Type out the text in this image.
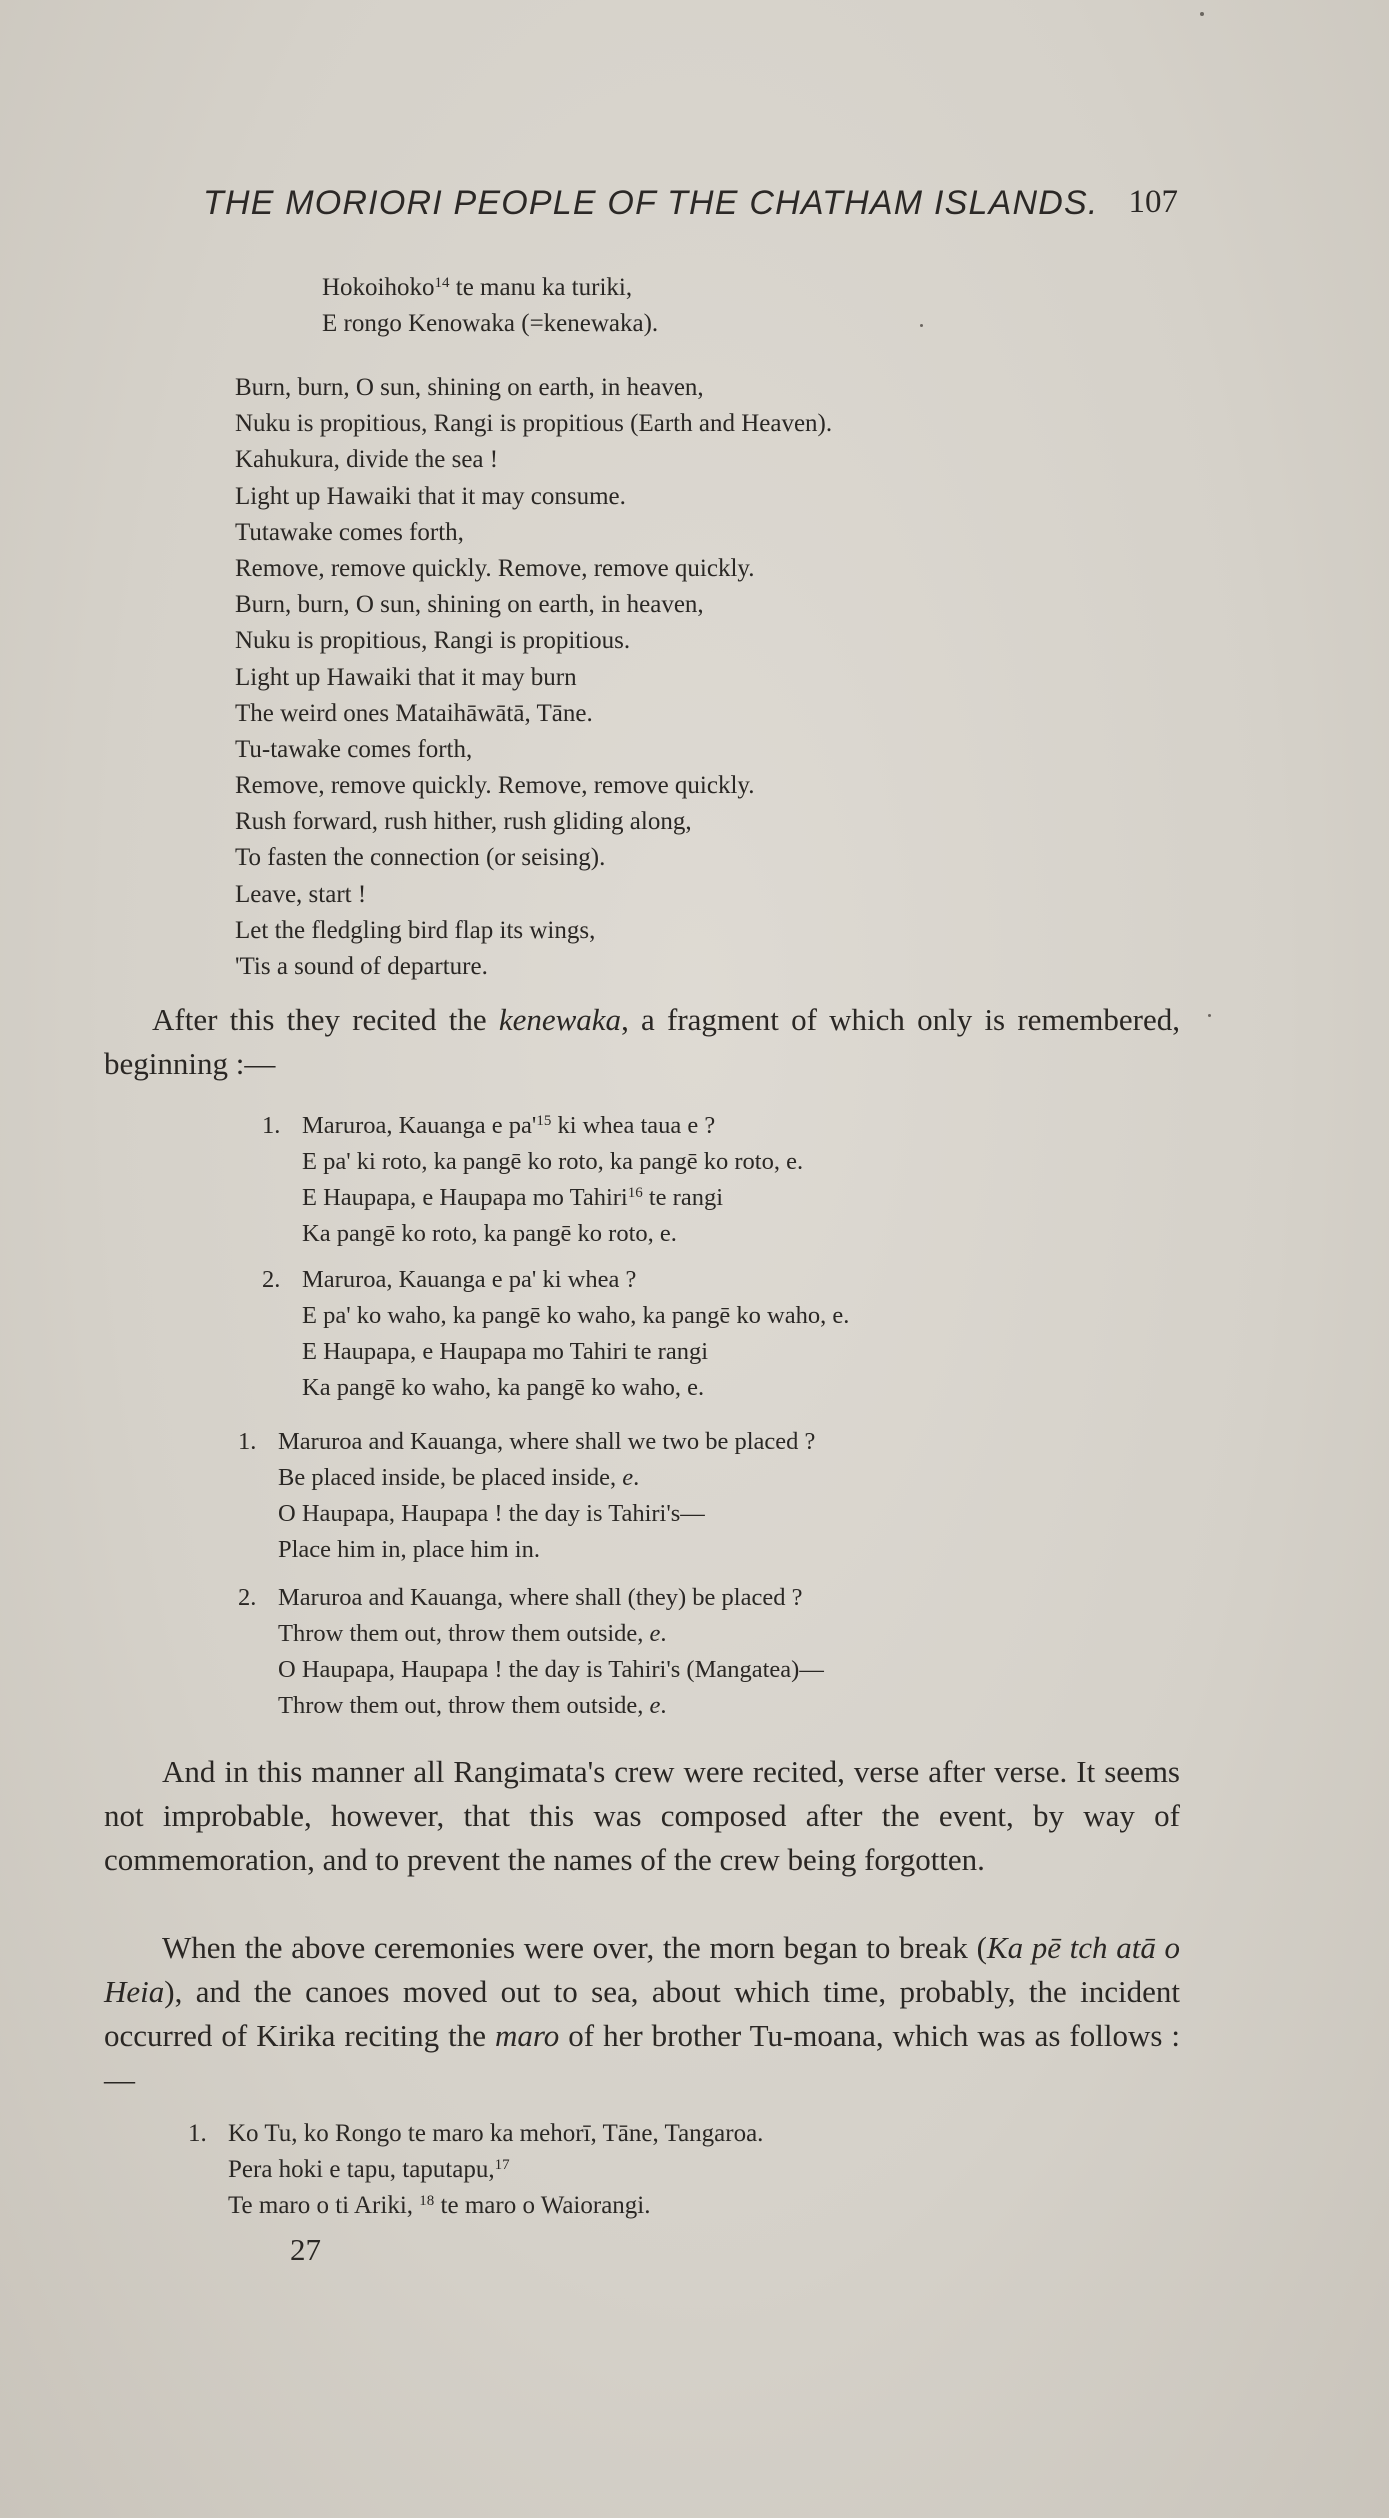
THE MORIORI PEOPLE OF THE CHATHAM ISLANDS. 107
Hokoihoko$^{14}$ te manu ka turiki,
E rongo Kenowaka (=kenewaka).
Burn, burn, O sun, shining on earth, in heaven,
Nuku is propitious, Rangi is propitious (Earth and Heaven).
Kahukura, divide the sea !
Light up Hawaiki that it may consume.
Tutawake comes forth,
Remove, remove quickly. Remove, remove quickly.
Burn, burn, O sun, shining on earth, in heaven,
Nuku is propitious, Rangi is propitious.
Light up Hawaiki that it may burn
The weird ones Mataihāwātā, Tāne.
Tu-tawake comes forth,
Remove, remove quickly. Remove, remove quickly.
Rush forward, rush hither, rush gliding along,
To fasten the connection (or seising).
Leave, start !
Let the fledgling bird flap its wings,
'Tis a sound of departure.

After this they recited the kenewaka, a fragment of which only is remembered, beginning :—

1. Maruroa, Kauanga e $pa'^{15}$ ki whea taua e ?
E pa' ki roto, ka pangē ko roto, ka pangē ko roto, e.
E Haupapa, e Haupapa mo Tahiri$^{16}$ te rangi
Ka pangē ko roto, ka pangē ko roto, e.
2. Maruroa, Kauanga e pa' ki whea ?
E pa' ko waho, ka pangē ko waho, ka pangē ko waho, e.
E Haupapa, e Haupapa mo Tahiri te rangi
Ka pangē ko waho, ka pangē ko waho, e.
1. Maruroa and Kauanga, where shall we two be placed ?
Be placed inside, be placed inside, e.
O Haupapa, Haupapa ! the day is Tahiri's—
Place him in, place him in.
2. Maruroa and Kauanga, where shall (they) be placed ?
Throw them out, throw them outside, e.
O Haupapa, Haupapa ! the day is Tahiri's (Mangatea)—
Throw them out, throw them outside, e.

And in this manner all Rangimata's crew were recited, verse after verse. It seems not improbable, however, that this was composed after the event, by way of commemoration, and to prevent the names of the crew being forgotten.

When the above ceremonies were over, the morn began to break (Ka pē tch atā o Heia), and the canoes moved out to sea, about which time, probably, the incident occurred of Kirika reciting the maro of her brother Tu-moana, which was as follows :—

1. Ko Tu, ko Rongo te maro ka mehorī, Tāne, Tangaroa.
Pera hoki e tapu, taputapu,$^{17}$
Te maro o ti Ariki, $^{18}$ te maro o Waiorangi.
27
